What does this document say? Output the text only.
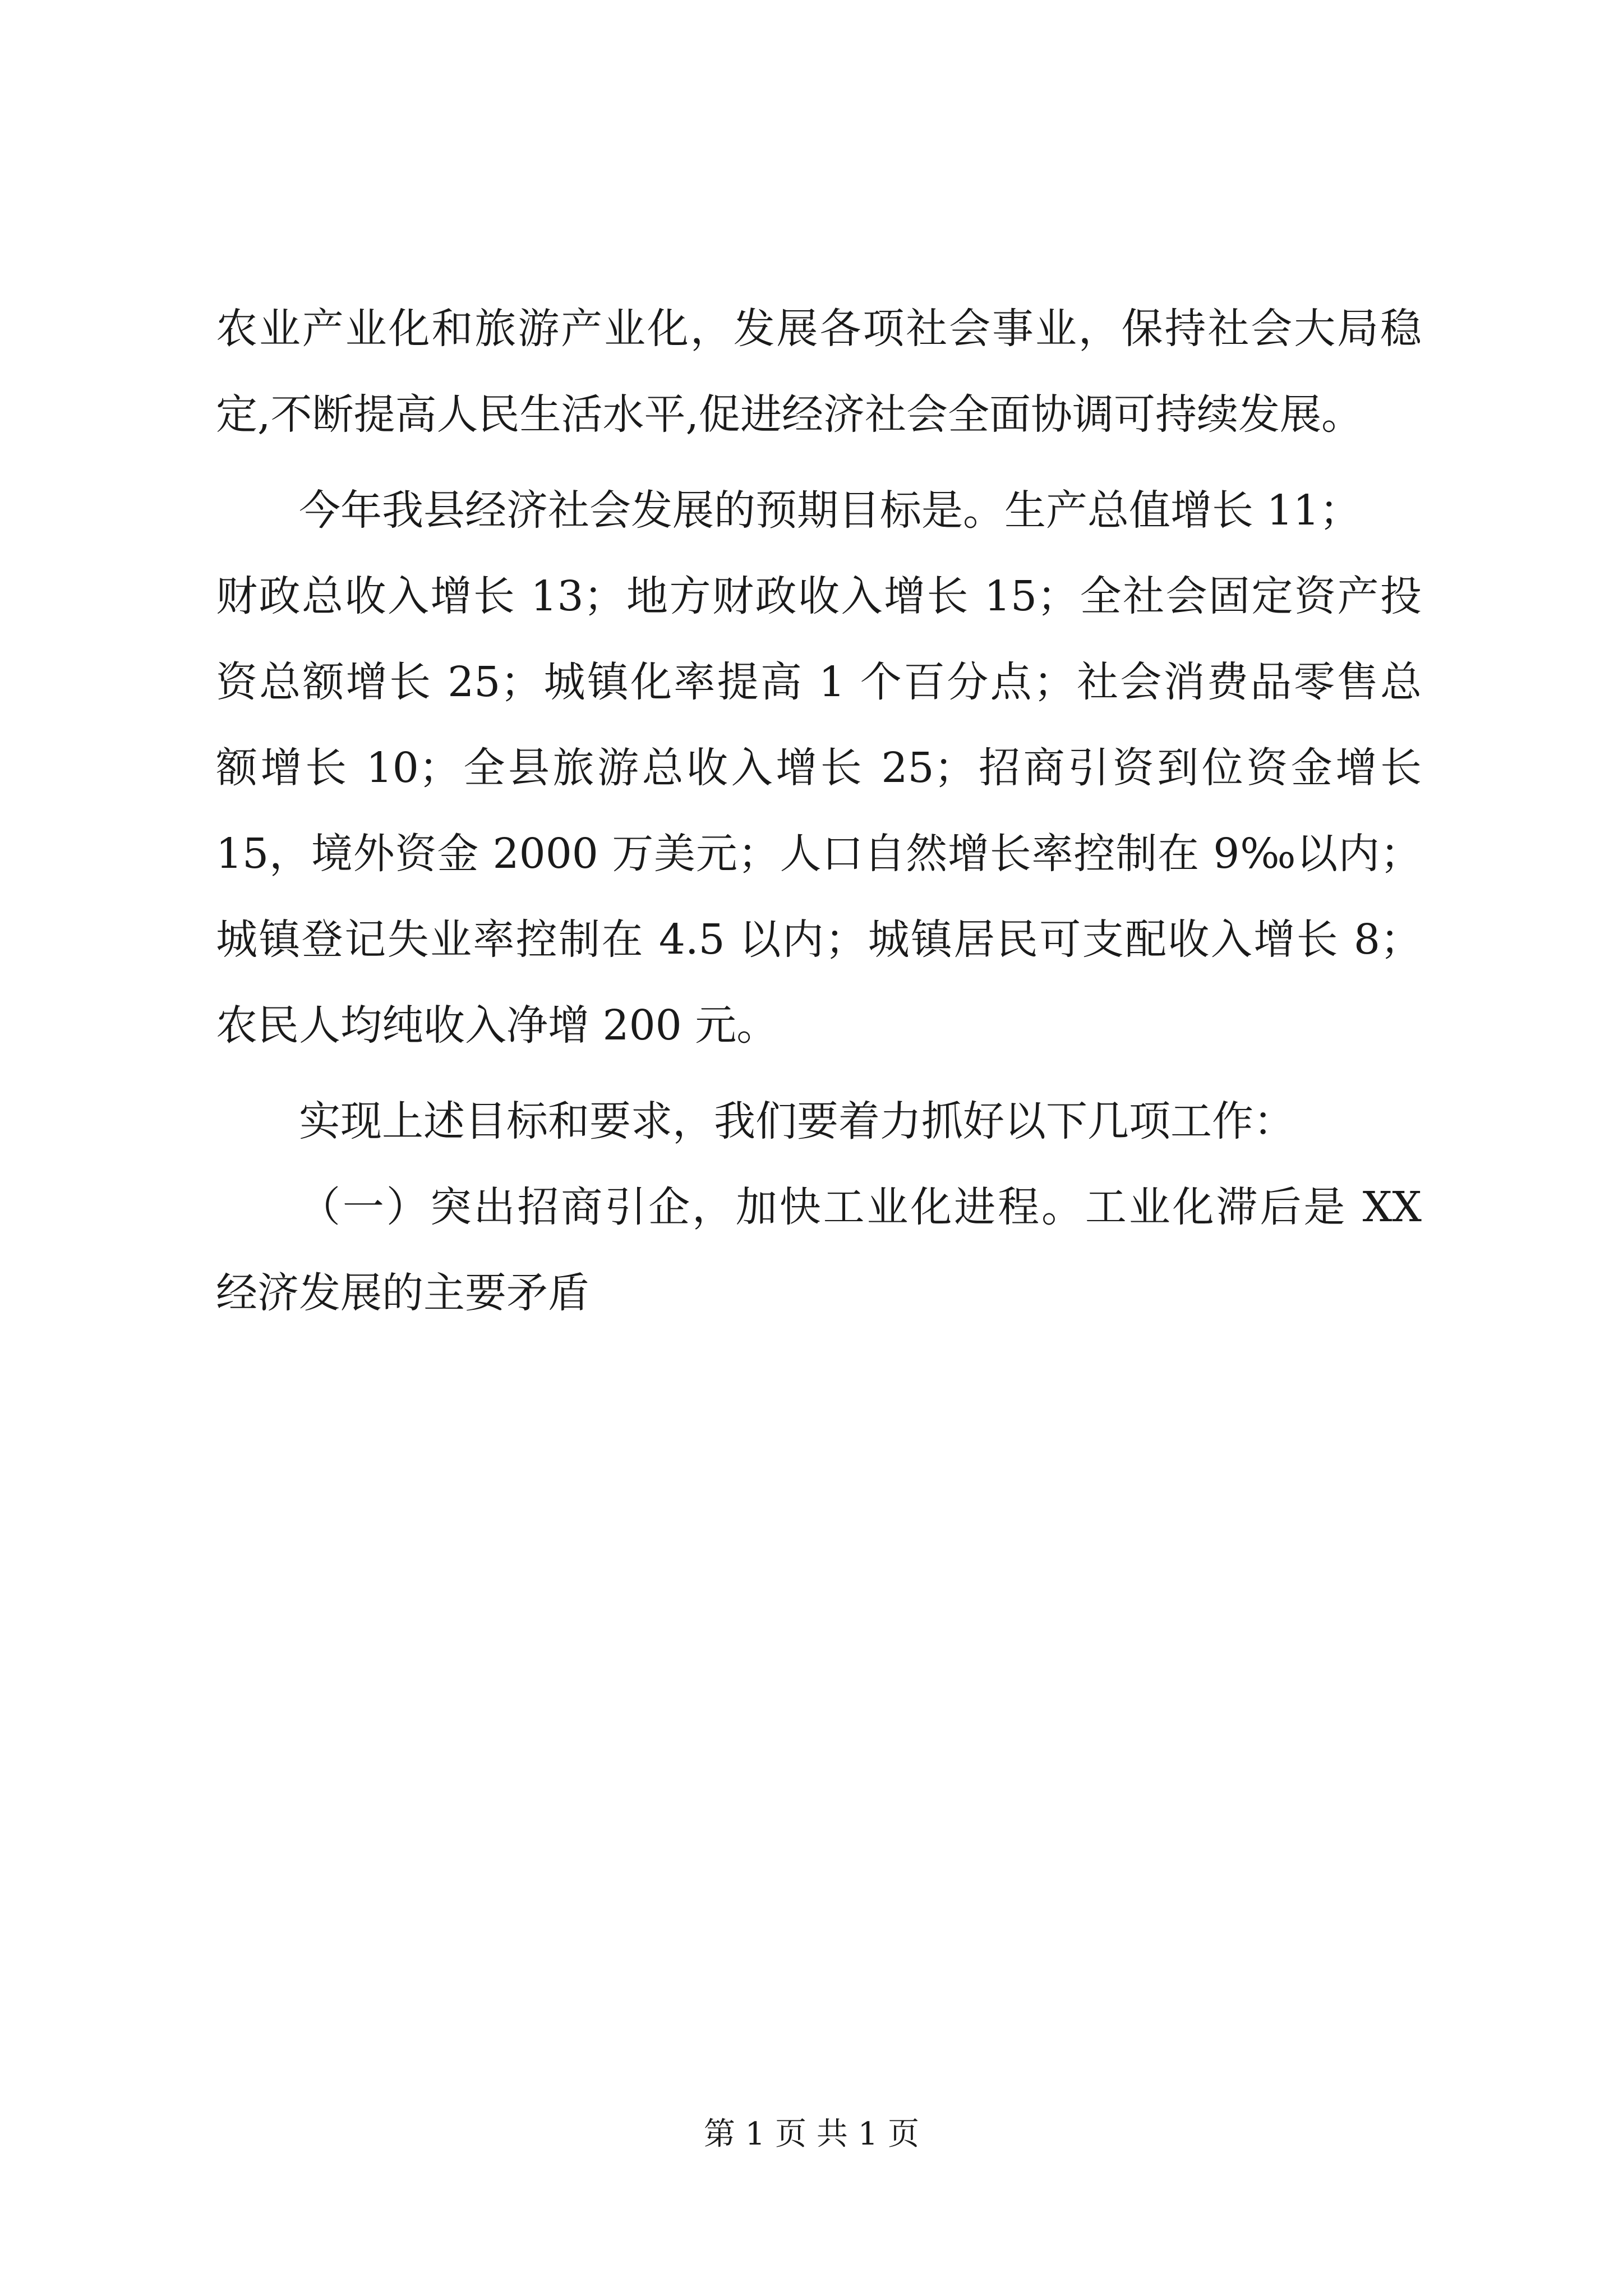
农业产业化和旅游产业化，发展各项社会事业，保持社会大局稳
定,不断提高人民生活水平,促进经济社会全面协调可持续发展。
今年我县经济社会发展的预期目标是。生产总值增长 11；
财政总收入增长 13；地方财政收入增长 15；全社会固定资产投
资总额增长 25；城镇化率提高 1 个百分点；社会消费品零售总
额增长 10；全县旅游总收入增长 25；招商引资到位资金增长
15，境外资金 2000 万美元；人口自然增长率控制在 9‰以内；
城镇登记失业率控制在 4.5 以内；城镇居民可支配收入增长 8；
农民人均纯收入净增 200 元。
实现上述目标和要求，我们要着力抓好以下几项工作：
（一）突出招商引企，加快工业化进程。工业化滞后是 XX
经济发展的主要矛盾
第 1 页 共 1 页
